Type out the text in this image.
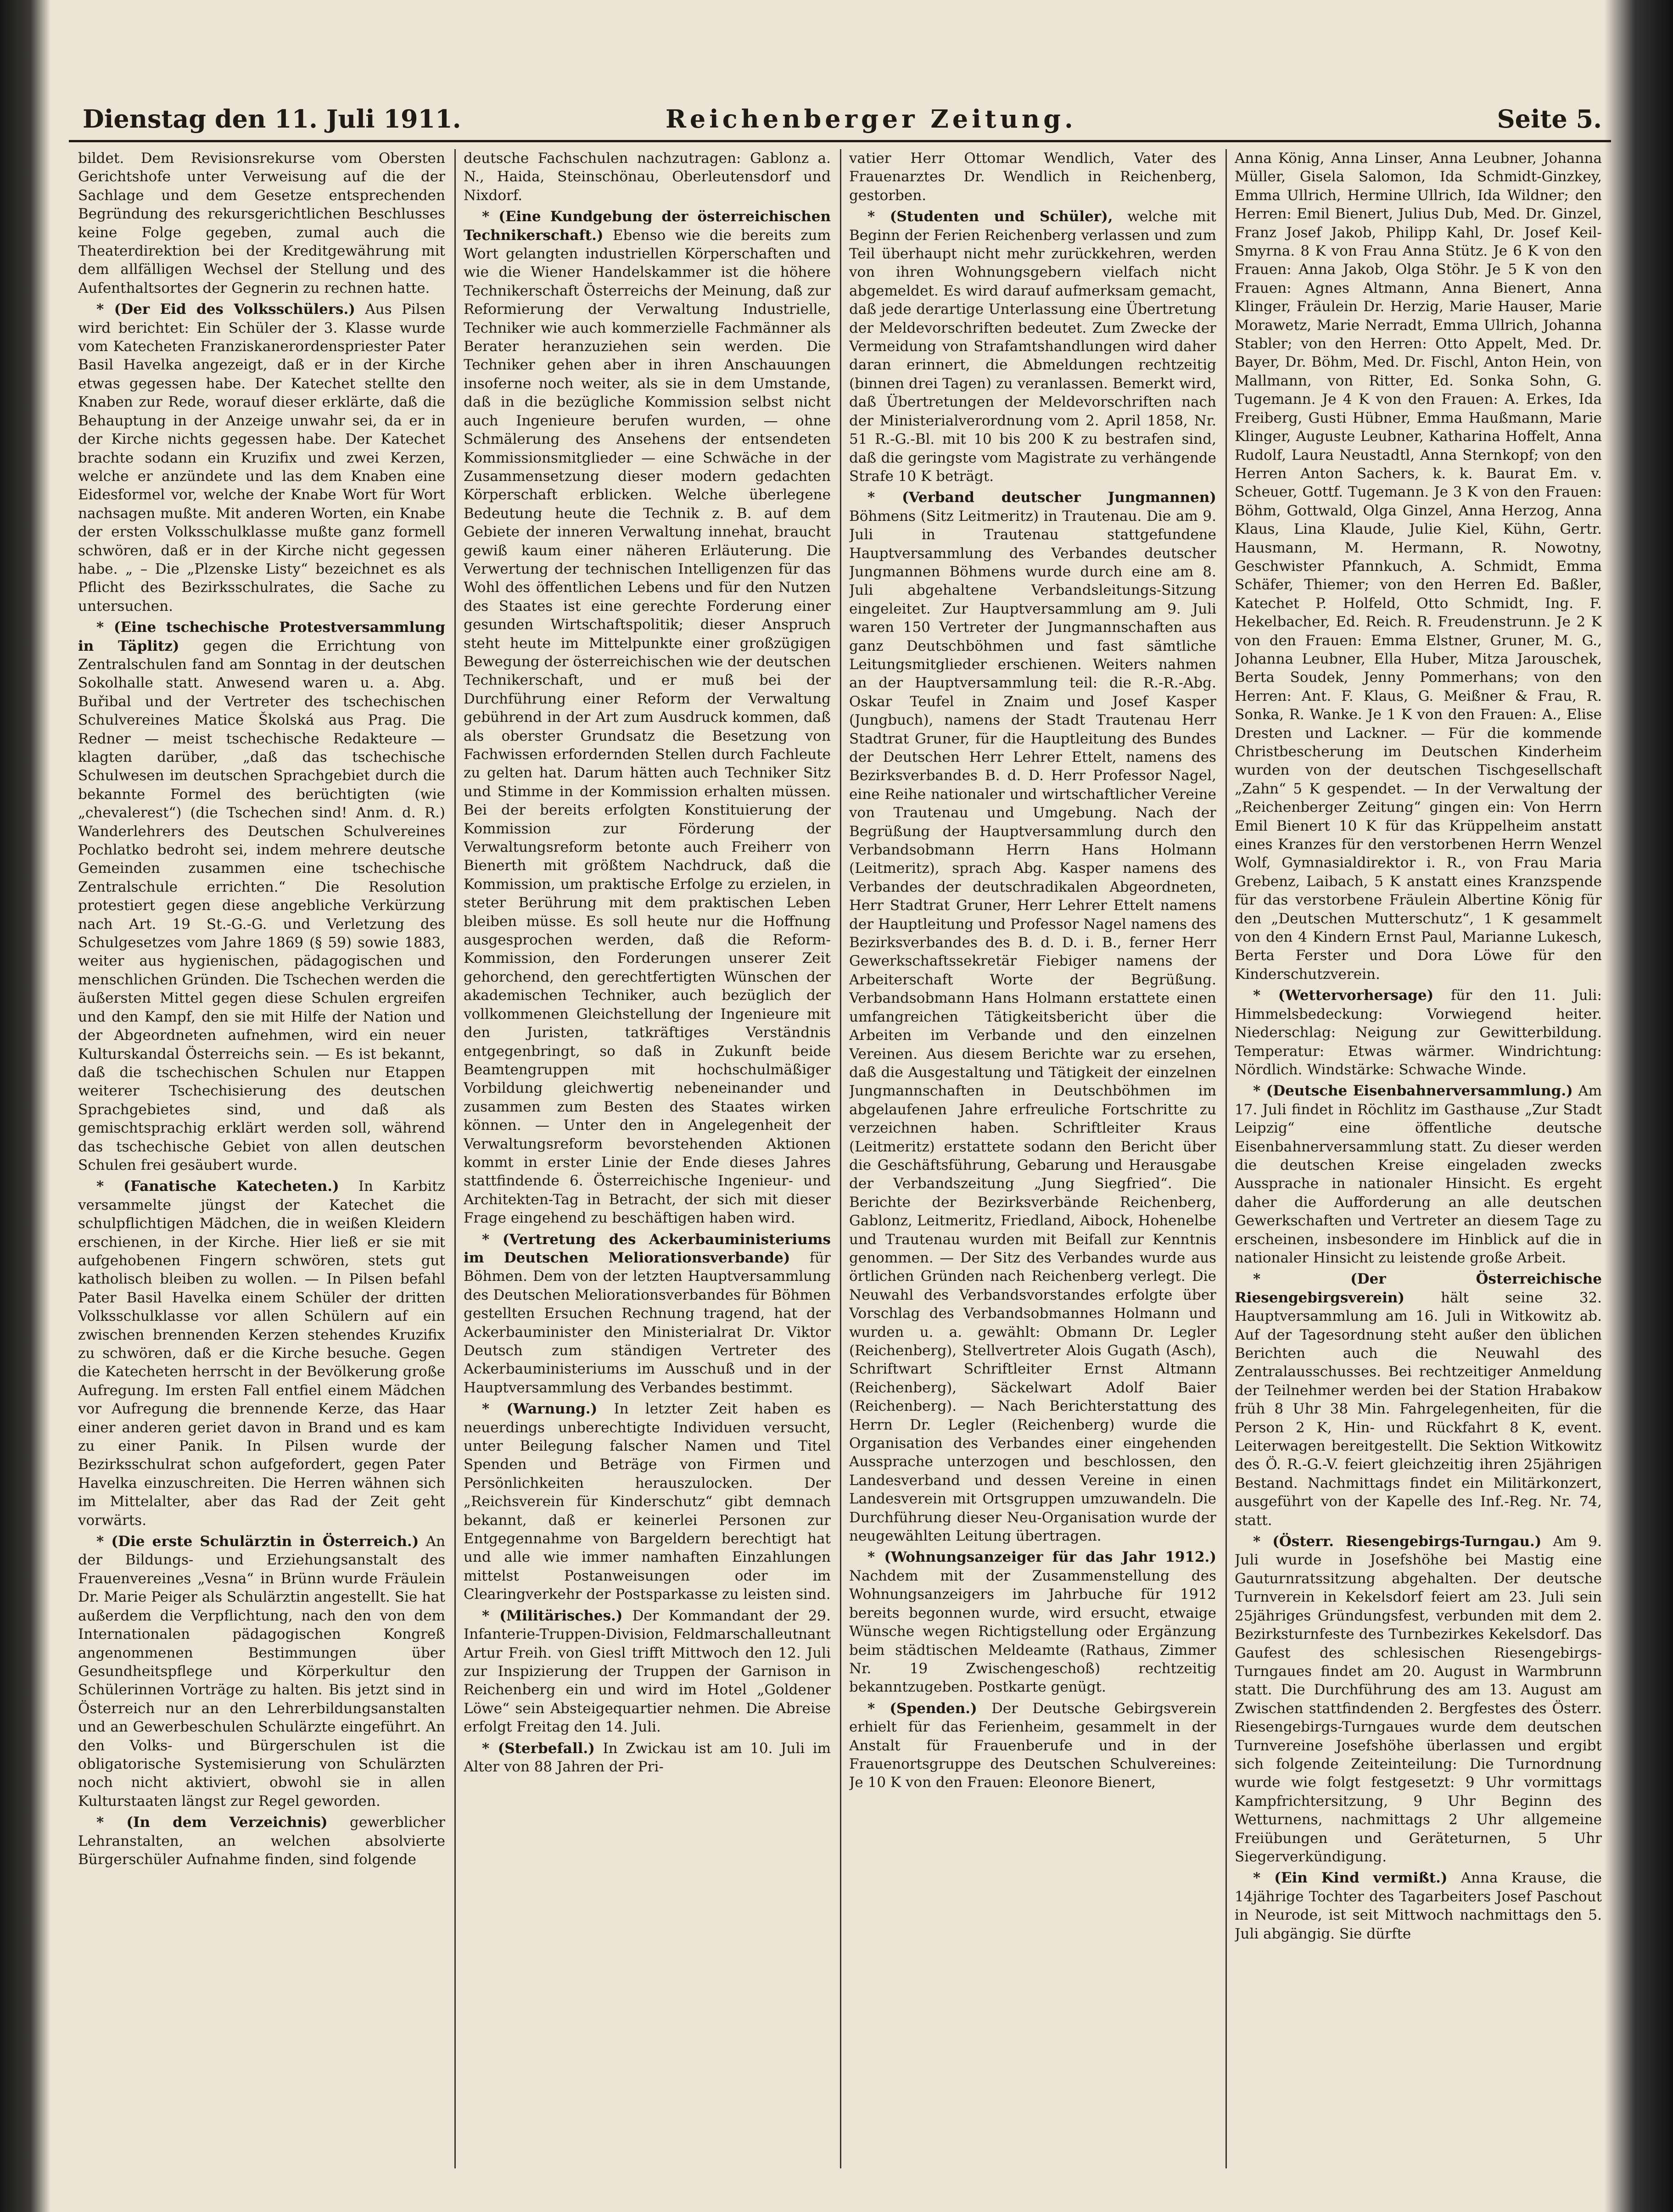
Dienstag den 11. Juli 1911.	Reichenberger Zeitung.	Seite 5.

bildet. Dem Revisionsrekurse vom Obersten Gerichtshofe unter Verweisung auf die der Sachlage und dem Gesetze entsprechenden Begründung des rekursgerichtlichen Beschlusses keine Folge gegeben, zumal auch die Theaterdirektion bei der Kreditgewährung mit dem allfälligen Wechsel der Stellung und des Aufenthaltsortes der Gegnerin zu rechnen hatte.

* (Der Eid des Volksschülers.) Aus Pilsen wird berichtet: Ein Schüler der 3. Klasse wurde vom Katecheten Franziskanerordenspriester Pater Basil Havelka angezeigt, daß er in der Kirche etwas gegessen habe. Der Katechet stellte den Knaben zur Rede, worauf dieser erklärte, daß die Behauptung in der Anzeige unwahr sei, da er in der Kirche nichts gegessen habe. Der Katechet brachte sodann ein Kruzifix und zwei Kerzen, welche er anzündete und las dem Knaben eine Eidesformel vor, welche der Knabe Wort für Wort nachsagen mußte. Mit anderen Worten, ein Knabe der ersten Volksschulklasse mußte ganz formell schwören, daß er in der Kirche nicht gegessen habe. „ – Die „Plzenske Listy“ bezeichnet es als Pflicht des Bezirksschulrates, die Sache zu untersuchen.

* (Eine tschechische Protestversammlung in Täplitz) gegen die Errichtung von Zentralschulen fand am Sonntag in der deutschen Sokolhalle statt. Anwesend waren u. a. Abg. Buřibal und der Vertreter des tschechischen Schulvereines Matice Školská aus Prag. Die Redner — meist tschechische Redakteure — klagten darüber, „daß das tschechische Schulwesen im deutschen Sprachgebiet durch die bekannte Formel des berüchtigten (wie „chevalerest“) (die Tschechen sind! Anm. d. R.) Wanderlehrers des Deutschen Schulvereines Pochlatko bedroht sei, indem mehrere deutsche Gemeinden zusammen eine tschechische Zentralschule errichten.“ Die Resolution protestiert gegen diese angebliche Verkürzung nach Art. 19 St.-G.-G. und Verletzung des Schulgesetzes vom Jahre 1869 (§ 59) sowie 1883, weiter aus hygienischen, pädagogischen und menschlichen Gründen. Die Tschechen werden die äußersten Mittel gegen diese Schulen ergreifen und den Kampf, den sie mit Hilfe der Nation und der Abgeordneten aufnehmen, wird ein neuer Kulturskandal Österreichs sein. — Es ist bekannt, daß die tschechischen Schulen nur Etappen weiterer Tschechisierung des deutschen Sprachgebietes sind, und daß als gemischtsprachig erklärt werden soll, während das tschechische Gebiet von allen deutschen Schulen frei gesäubert wurde.

* (Fanatische Katecheten.) In Karbitz versammelte jüngst der Katechet die schulpflichtigen Mädchen, die in weißen Kleidern erschienen, in der Kirche. Hier ließ er sie mit aufgehobenen Fingern schwören, stets gut katholisch bleiben zu wollen. — In Pilsen befahl Pater Basil Havelka einem Schüler der dritten Volksschulklasse vor allen Schülern auf ein zwischen brennenden Kerzen stehendes Kruzifix zu schwören, daß er die Kirche besuche. Gegen die Katecheten herrscht in der Bevölkerung große Aufregung. Im ersten Fall entfiel einem Mädchen vor Aufregung die brennende Kerze, das Haar einer anderen geriet davon in Brand und es kam zu einer Panik. In Pilsen wurde der Bezirksschulrat schon aufgefordert, gegen Pater Havelka einzuschreiten. Die Herren wähnen sich im Mittelalter, aber das Rad der Zeit geht vorwärts.

* (Die erste Schulärztin in Österreich.) An der Bildungs- und Erziehungsanstalt des Frauenvereines „Vesna“ in Brünn wurde Fräulein Dr. Marie Peiger als Schulärztin angestellt. Sie hat außerdem die Verpflichtung, nach den von dem Internationalen pädagogischen Kongreß angenommenen Bestimmungen über Gesundheitspflege und Körperkultur den Schülerinnen Vorträge zu halten. Bis jetzt sind in Österreich nur an den Lehrerbildungsanstalten und an Gewerbeschulen Schulärzte eingeführt. An den Volks- und Bürgerschulen ist die obligatorische Systemisierung von Schulärzten noch nicht aktiviert, obwohl sie in allen Kulturstaaten längst zur Regel geworden.

* (In dem Verzeichnis) gewerblicher Lehranstalten, an welchen absolvierte Bürgerschüler Aufnahme finden, sind folgende

deutsche Fachschulen nachzutragen: Gablonz a. N., Haida, Steinschönau, Oberleutensdorf und Nixdorf.

* (Eine Kundgebung der österreichischen Technikerschaft.) Ebenso wie die bereits zum Wort gelangten industriellen Körperschaften und wie die Wiener Handelskammer ist die höhere Technikerschaft Österreichs der Meinung, daß zur Reformierung der Verwaltung Industrielle, Techniker wie auch kommerzielle Fachmänner als Berater heranzuziehen sein werden. Die Techniker gehen aber in ihren Anschauungen insoferne noch weiter, als sie in dem Umstande, daß in die bezügliche Kommission selbst nicht auch Ingenieure berufen wurden, — ohne Schmälerung des Ansehens der entsendeten Kommissionsmitglieder — eine Schwäche in der Zusammensetzung dieser modern gedachten Körperschaft erblicken. Welche überlegene Bedeutung heute die Technik z. B. auf dem Gebiete der inneren Verwaltung innehat, braucht gewiß kaum einer näheren Erläuterung. Die Verwertung der technischen Intelligenzen für das Wohl des öffentlichen Lebens und für den Nutzen des Staates ist eine gerechte Forderung einer gesunden Wirtschaftspolitik; dieser Anspruch steht heute im Mittelpunkte einer großzügigen Bewegung der österreichischen wie der deutschen Technikerschaft, und er muß bei der Durchführung einer Reform der Verwaltung gebührend in der Art zum Ausdruck kommen, daß als oberster Grundsatz die Besetzung von Fachwissen erfordernden Stellen durch Fachleute zu gelten hat. Darum hätten auch Techniker Sitz und Stimme in der Kommission erhalten müssen. Bei der bereits erfolgten Konstituierung der Kommission zur Förderung der Verwaltungsreform betonte auch Freiherr von Bienerth mit größtem Nachdruck, daß die Kommission, um praktische Erfolge zu erzielen, in steter Berührung mit dem praktischen Leben bleiben müsse. Es soll heute nur die Hoffnung ausgesprochen werden, daß die Reform-Kommission, den Forderungen unserer Zeit gehorchend, den gerechtfertigten Wünschen der akademischen Techniker, auch bezüglich der vollkommenen Gleichstellung der Ingenieure mit den Juristen, tatkräftiges Verständnis entgegenbringt, so daß in Zukunft beide Beamtengruppen mit hochschulmäßiger Vorbildung gleichwertig nebeneinander und zusammen zum Besten des Staates wirken können. — Unter den in Angelegenheit der Verwaltungsreform bevorstehenden Aktionen kommt in erster Linie der Ende dieses Jahres stattfindende 6. Österreichische Ingenieur- und Architekten-Tag in Betracht, der sich mit dieser Frage eingehend zu beschäftigen haben wird.

* (Vertretung des Ackerbauministeriums im Deutschen Meliorationsverbande) für Böhmen. Dem von der letzten Hauptversammlung des Deutschen Meliorationsverbandes für Böhmen gestellten Ersuchen Rechnung tragend, hat der Ackerbauminister den Ministerialrat Dr. Viktor Deutsch zum ständigen Vertreter des Ackerbauministeriums im Ausschuß und in der Hauptversammlung des Verbandes bestimmt.

* (Warnung.) In letzter Zeit haben es neuerdings unberechtigte Individuen versucht, unter Beilegung falscher Namen und Titel Spenden und Beträge von Firmen und Persönlichkeiten herauszulocken. Der „Reichsverein für Kinderschutz“ gibt demnach bekannt, daß er keinerlei Personen zur Entgegennahme von Bargeldern berechtigt hat und alle wie immer namhaften Einzahlungen mittelst Postanweisungen oder im Clearingverkehr der Postsparkasse zu leisten sind.

* (Militärisches.) Der Kommandant der 29. Infanterie-Truppen-Division, Feldmarschalleutnant Artur Freih. von Giesl trifft Mittwoch den 12. Juli zur Inspizierung der Truppen der Garnison in Reichenberg ein und wird im Hotel „Goldener Löwe“ sein Absteigequartier nehmen. Die Abreise erfolgt Freitag den 14. Juli.

* (Sterbefall.) In Zwickau ist am 10. Juli im Alter von 88 Jahren der Pri-

vatier Herr Ottomar Wendlich, Vater des Frauenarztes Dr. Wendlich in Reichenberg, gestorben.

* (Studenten und Schüler), welche mit Beginn der Ferien Reichenberg verlassen und zum Teil überhaupt nicht mehr zurückkehren, werden von ihren Wohnungsgebern vielfach nicht abgemeldet. Es wird darauf aufmerksam gemacht, daß jede derartige Unterlassung eine Übertretung der Meldevorschriften bedeutet. Zum Zwecke der Vermeidung von Strafamtshandlungen wird daher daran erinnert, die Abmeldungen rechtzeitig (binnen drei Tagen) zu veranlassen. Bemerkt wird, daß Übertretungen der Meldevorschriften nach der Ministerialverordnung vom 2. April 1858, Nr. 51 R.-G.-Bl. mit 10 bis 200 K zu bestrafen sind, daß die geringste vom Magistrate zu verhängende Strafe 10 K beträgt.

* (Verband deutscher Jungmannen) Böhmens (Sitz Leitmeritz) in Trautenau. Die am 9. Juli in Trautenau stattgefundene Hauptversammlung des Verbandes deutscher Jungmannen Böhmens wurde durch eine am 8. Juli abgehaltene Verbandsleitungs-Sitzung eingeleitet. Zur Hauptversammlung am 9. Juli waren 150 Vertreter der Jungmannschaften aus ganz Deutschböhmen und fast sämtliche Leitungsmitglieder erschienen. Weiters nahmen an der Hauptversammlung teil: die R.-R.-Abg. Oskar Teufel in Znaim und Josef Kasper (Jungbuch), namens der Stadt Trautenau Herr Stadtrat Gruner, für die Hauptleitung des Bundes der Deutschen Herr Lehrer Ettelt, namens des Bezirksverbandes B. d. D. Herr Professor Nagel, eine Reihe nationaler und wirtschaftlicher Vereine von Trautenau und Umgebung. Nach der Begrüßung der Hauptversammlung durch den Verbandsobmann Herrn Hans Holmann (Leitmeritz), sprach Abg. Kasper namens des Verbandes der deutschradikalen Abgeordneten, Herr Stadtrat Gruner, Herr Lehrer Ettelt namens der Hauptleitung und Professor Nagel namens des Bezirksverbandes des B. d. D. i. B., ferner Herr Gewerkschaftssekretär Fiebiger namens der Arbeiterschaft Worte der Begrüßung. Verbandsobmann Hans Holmann erstattete einen umfangreichen Tätigkeitsbericht über die Arbeiten im Verbande und den einzelnen Vereinen. Aus diesem Berichte war zu ersehen, daß die Ausgestaltung und Tätigkeit der einzelnen Jungmannschaften in Deutschböhmen im abgelaufenen Jahre erfreuliche Fortschritte zu verzeichnen haben. Schriftleiter Kraus (Leitmeritz) erstattete sodann den Bericht über die Geschäftsführung, Gebarung und Herausgabe der Verbandszeitung „Jung Siegfried“. Die Berichte der Bezirksverbände Reichenberg, Gablonz, Leitmeritz, Friedland, Aibock, Hohenelbe und Trautenau wurden mit Beifall zur Kenntnis genommen. — Der Sitz des Verbandes wurde aus örtlichen Gründen nach Reichenberg verlegt. Die Neuwahl des Verbandsvorstandes erfolgte über Vorschlag des Verbandsobmannes Holmann und wurden u. a. gewählt: Obmann Dr. Legler (Reichenberg), Stellvertreter Alois Gugath (Asch), Schriftwart Schriftleiter Ernst Altmann (Reichenberg), Säckelwart Adolf Baier (Reichenberg). — Nach Berichterstattung des Herrn Dr. Legler (Reichenberg) wurde die Organisation des Verbandes einer eingehenden Aussprache unterzogen und beschlossen, den Landesverband und dessen Vereine in einen Landesverein mit Ortsgruppen umzuwandeln. Die Durchführung dieser Neu-Organisation wurde der neugewählten Leitung übertragen.

* (Wohnungsanzeiger für das Jahr 1912.) Nachdem mit der Zusammenstellung des Wohnungsanzeigers im Jahrbuche für 1912 bereits begonnen wurde, wird ersucht, etwaige Wünsche wegen Richtigstellung oder Ergänzung beim städtischen Meldeamte (Rathaus, Zimmer Nr. 19 Zwischengeschoß) rechtzeitig bekanntzugeben. Postkarte genügt.

* (Spenden.) Der Deutsche Gebirgsverein erhielt für das Ferienheim, gesammelt in der Anstalt für Frauenberufe und in der Frauenortsgruppe des Deutschen Schulvereines: Je 10 K von den Frauen: Eleonore Bienert,

Anna König, Anna Linser, Anna Leubner, Johanna Müller, Gisela Salomon, Ida Schmidt-Ginzkey, Emma Ullrich, Hermine Ullrich, Ida Wildner; den Herren: Emil Bienert, Julius Dub, Med. Dr. Ginzel, Franz Josef Jakob, Philipp Kahl, Dr. Josef Keil-Smyrna. 8 K von Frau Anna Stütz. Je 6 K von den Frauen: Anna Jakob, Olga Stöhr. Je 5 K von den Frauen: Agnes Altmann, Anna Bienert, Anna Klinger, Fräulein Dr. Herzig, Marie Hauser, Marie Morawetz, Marie Nerradt, Emma Ullrich, Johanna Stabler; von den Herren: Otto Appelt, Med. Dr. Bayer, Dr. Böhm, Med. Dr. Fischl, Anton Hein, von Mallmann, von Ritter, Ed. Sonka Sohn, G. Tugemann. Je 4 K von den Frauen: A. Erkes, Ida Freiberg, Gusti Hübner, Emma Haußmann, Marie Klinger, Auguste Leubner, Katharina Hoffelt, Anna Rudolf, Laura Neustadtl, Anna Sternkopf; von den Herren Anton Sachers, k. k. Baurat Em. v. Scheuer, Gottf. Tugemann. Je 3 K von den Frauen: Böhm, Gottwald, Olga Ginzel, Anna Herzog, Anna Klaus, Lina Klaude, Julie Kiel, Kühn, Gertr. Hausmann, M. Hermann, R. Nowotny, Geschwister Pfannkuch, A. Schmidt, Emma Schäfer, Thiemer; von den Herren Ed. Baßler, Katechet P. Holfeld, Otto Schmidt, Ing. F. Hekelbacher, Ed. Reich. R. Freudenstrunn. Je 2 K von den Frauen: Emma Elstner, Gruner, M. G., Johanna Leubner, Ella Huber, Mitza Jarouschek, Berta Soudek, Jenny Pommerhans; von den Herren: Ant. F. Klaus, G. Meißner & Frau, R. Sonka, R. Wanke. Je 1 K von den Frauen: A., Elise Dresten und Lackner. — Für die kommende Christbescherung im Deutschen Kinderheim wurden von der deutschen Tischgesellschaft „Zahn“ 5 K gespendet. — In der Verwaltung der „Reichenberger Zeitung“ gingen ein: Von Herrn Emil Bienert 10 K für das Krüppelheim anstatt eines Kranzes für den verstorbenen Herrn Wenzel Wolf, Gymnasialdirektor i. R., von Frau Maria Grebenz, Laibach, 5 K anstatt eines Kranzspende für das verstorbene Fräulein Albertine König für den „Deutschen Mutterschutz“, 1 K gesammelt von den 4 Kindern Ernst Paul, Marianne Lukesch, Berta Ferster und Dora Löwe für den Kinderschutzverein.

* (Wettervorhersage) für den 11. Juli: Himmelsbedeckung: Vorwiegend heiter. Niederschlag: Neigung zur Gewitterbildung. Temperatur: Etwas wärmer. Windrichtung: Nördlich. Windstärke: Schwache Winde.

* (Deutsche Eisenbahnerversammlung.) Am 17. Juli findet in Röchlitz im Gasthause „Zur Stadt Leipzig“ eine öffentliche deutsche Eisenbahnerversammlung statt. Zu dieser werden die deutschen Kreise eingeladen zwecks Aussprache in nationaler Hinsicht. Es ergeht daher die Aufforderung an alle deutschen Gewerkschaften und Vertreter an diesem Tage zu erscheinen, insbesondere im Hinblick auf die in nationaler Hinsicht zu leistende große Arbeit.

* (Der Österreichische Riesengebirgsverein)	hält seine 32. Hauptversammlung am 16. Juli in Witkowitz ab. Auf der Tagesordnung steht außer den üblichen Berichten auch die Neuwahl des Zentralausschusses. Bei rechtzeitiger Anmeldung der Teilnehmer werden bei der Station Hrabakow früh 8 Uhr 38 Min. Fahrgelegenheiten, für die Person 2 K, Hin- und Rückfahrt 8 K, event. Leiterwagen bereitgestellt. Die Sektion Witkowitz des Ö. R.-G.-V. feiert gleichzeitig ihren 25jährigen Bestand. Nachmittags findet ein Militärkonzert, ausgeführt von der Kapelle des Inf.-Reg. Nr. 74, statt.

* (Österr. Riesengebirgs-Turngau.) Am 9. Juli wurde in Josefshöhe bei Mastig eine Gauturnratssitzung abgehalten. Der deutsche Turnverein in Kekelsdorf feiert am 23. Juli sein 25jähriges Gründungsfest, verbunden mit dem 2. Bezirksturnfeste des Turnbezirkes Kekelsdorf. Das Gaufest des schlesischen Riesengebirgs-Turngaues findet am 20. August in Warmbrunn statt. Die Durchführung des am 13. August am Zwischen stattfindenden 2. Bergfestes des Österr. Riesengebirgs-Turngaues wurde dem deutschen Turnvereine Josefshöhe überlassen und ergibt sich folgende Zeiteinteilung: Die Turnordnung wurde wie folgt festgesetzt: 9 Uhr vormittags Kampfrichtersitzung, 9 Uhr Beginn des Wetturnens, nachmittags 2 Uhr allgemeine Freiübungen und Geräteturnen, 5 Uhr Siegerverkündigung.

* (Ein Kind vermißt.) Anna Krause, die 14jährige Tochter des Tagarbeiters Josef Paschout in Neurode, ist seit Mittwoch nachmittags den 5. Juli abgängig. Sie dürfte
